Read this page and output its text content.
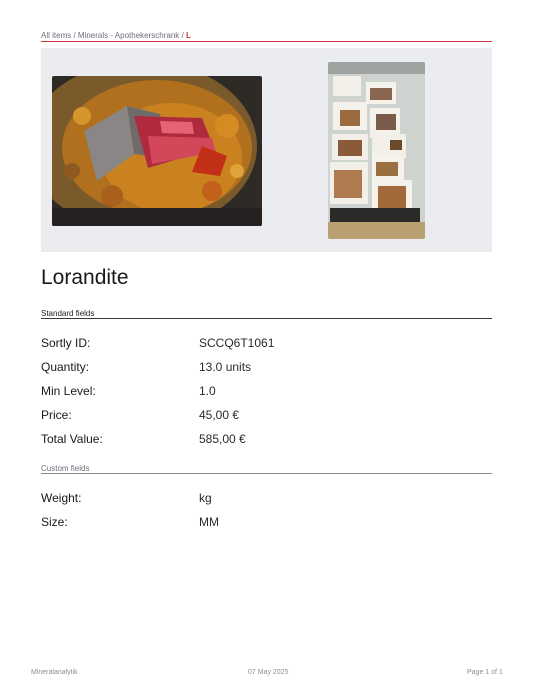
All items / Minerals - Apothekerschrank / L
Lorandite
Standard fields
Sortly ID:	SCCQ6T1061
Quantity:	13.0 units
Min Level:	1.0
Price:	45,00 €
Total Value:	585,00 €
Custom fields
Weight:	kg
Size:	MM
Mineralanalytik	07 May 2025	Page 1 of 1
